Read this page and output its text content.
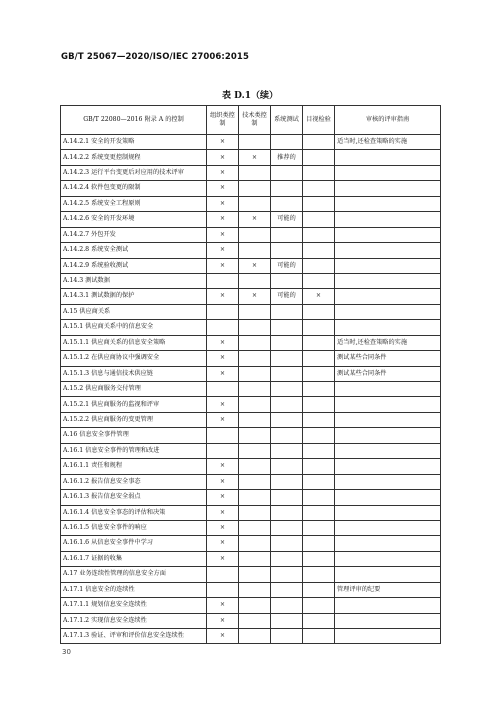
GB/T 25067—2020/ISO/IEC 27006:2015
表 D.1（续）
GB/T 22080—2016 附录 A 的控制	组织类控制	技术类控制	系统测试	目视检验	审核的评审指南
A.14.2.1 安全的开发策略	×				适当时,还检查策略的实施
A.14.2.2 系统变更控制规程	×	×	推荐的		
A.14.2.3 运行平台变更后对应用的技术评审	×				
A.14.2.4 软件包变更的限制	×				
A.14.2.5 系统安全工程原则	×				
A.14.2.6 安全的开发环境	×	×	可能的		
A.14.2.7 外包开发	×				
A.14.2.8 系统安全测试	×				
A.14.2.9 系统验收测试	×	×	可能的		
A.14.3 测试数据					
A.14.3.1 测试数据的保护	×	×	可能的	×	
A.15 供应商关系					
A.15.1 供应商关系中的信息安全					
A.15.1.1 供应商关系的信息安全策略	×				适当时,还检查策略的实施
A.15.1.2 在供应商协议中强调安全	×				测试某些合同条件
A.15.1.3 信息与通信技术供应链	×				测试某些合同条件
A.15.2 供应商服务交付管理					
A.15.2.1 供应商服务的监视和评审	×				
A.15.2.2 供应商服务的变更管理	×				
A.16 信息安全事件管理					
A.16.1 信息安全事件的管理和改进					
A.16.1.1 责任和规程	×				
A.16.1.2 报告信息安全事态	×				
A.16.1.3 报告信息安全弱点	×				
A.16.1.4 信息安全事态的评估和决策	×				
A.16.1.5 信息安全事件的响应	×				
A.16.1.6 从信息安全事件中学习	×				
A.16.1.7 证据的收集	×				
A.17 业务连续性管理的信息安全方面					
A.17.1 信息安全的连续性					管理评审的纪要
A.17.1.1 规划信息安全连续性	×				
A.17.1.2 实现信息安全连续性	×				
A.17.1.3 验证、评审和评价信息安全连续性	×				
30
